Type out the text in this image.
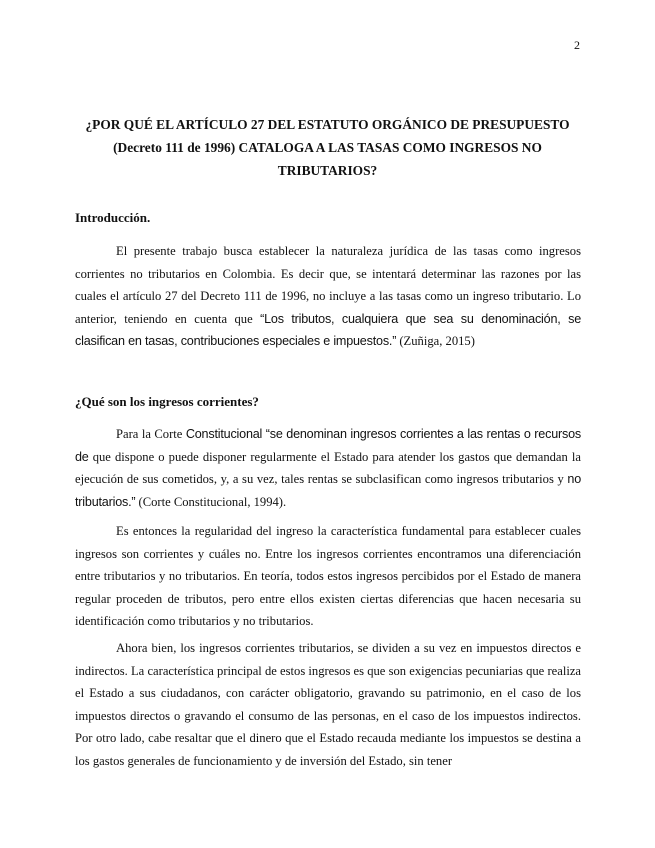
2
¿POR QUÉ EL ARTÍCULO 27 DEL ESTATUTO ORGÁNICO DE PRESUPUESTO
(Decreto 111 de 1996) CATALOGA A LAS TASAS COMO INGRESOS NO
TRIBUTARIOS?
Introducción.

El presente trabajo busca establecer la naturaleza jurídica de las tasas como ingresos corrientes no tributarios en Colombia. Es decir que, se intentará determinar las razones por las cuales el artículo 27 del Decreto 111 de 1996, no incluye a las tasas como un ingreso tributario. Lo anterior, teniendo en cuenta que “Los tributos, cualquiera que sea su denominación, se clasifican en tasas, contribuciones especiales e impuestos.” (Zuñiga, 2015)

¿Qué son los ingresos corrientes?

Para la Corte Constitucional “se denominan ingresos corrientes a las rentas o recursos de que dispone o puede disponer regularmente el Estado para atender los gastos que demandan la ejecución de sus cometidos, y, a su vez, tales rentas se subclasifican como ingresos tributarios y no tributarios.” (Corte Constitucional, 1994).

Es entonces la regularidad del ingreso la característica fundamental para establecer cuales ingresos son corrientes y cuáles no. Entre los ingresos corrientes encontramos una diferenciación entre tributarios y no tributarios. En teoría, todos estos ingresos percibidos por el Estado de manera regular proceden de tributos, pero entre ellos existen ciertas diferencias que hacen necesaria su identificación como tributarios y no tributarios.

Ahora bien, los ingresos corrientes tributarios, se dividen a su vez en impuestos directos e indirectos. La característica principal de estos ingresos es que son exigencias pecuniarias que realiza el Estado a sus ciudadanos, con carácter obligatorio, gravando su patrimonio, en el caso de los impuestos directos o gravando el consumo de las personas, en el caso de los impuestos indirectos. Por otro lado, cabe resaltar que el dinero que el Estado recauda mediante los impuestos se destina a los gastos generales de funcionamiento y de inversión del Estado, sin tener
